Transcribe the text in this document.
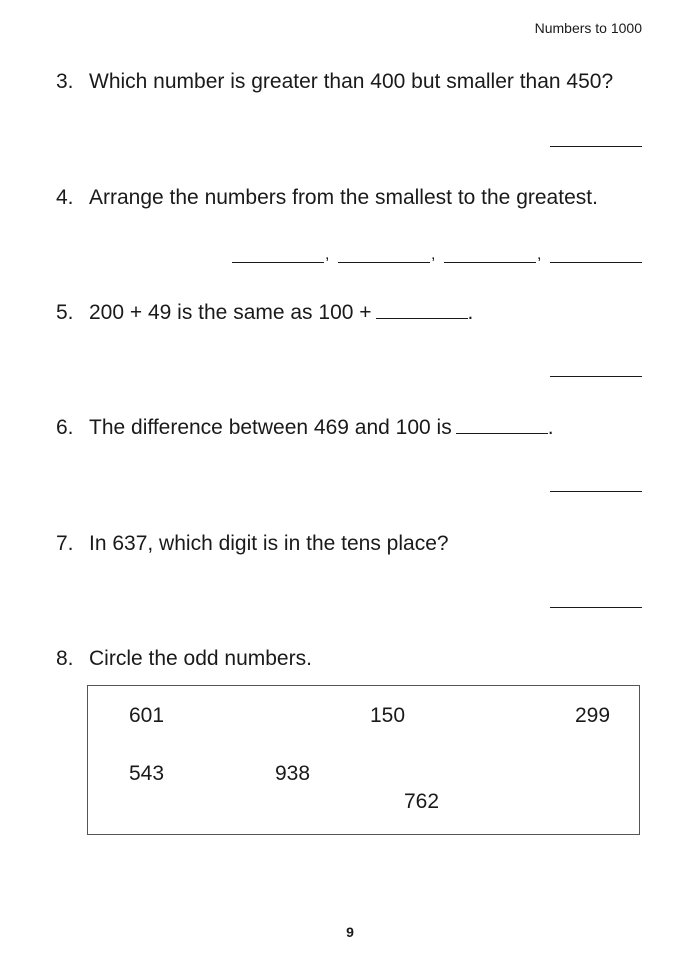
Numbers to 1000
3. Which number is greater than 400 but smaller than 450?
4. Arrange the numbers from the smallest to the greatest.
,	,	,
5. 200 + 49 is the same as 100 +	.
6. The difference between 469 and 100 is	.
7. In 637, which digit is in the tens place?
8. Circle the odd numbers.
601	150	299
543	938
762
9
